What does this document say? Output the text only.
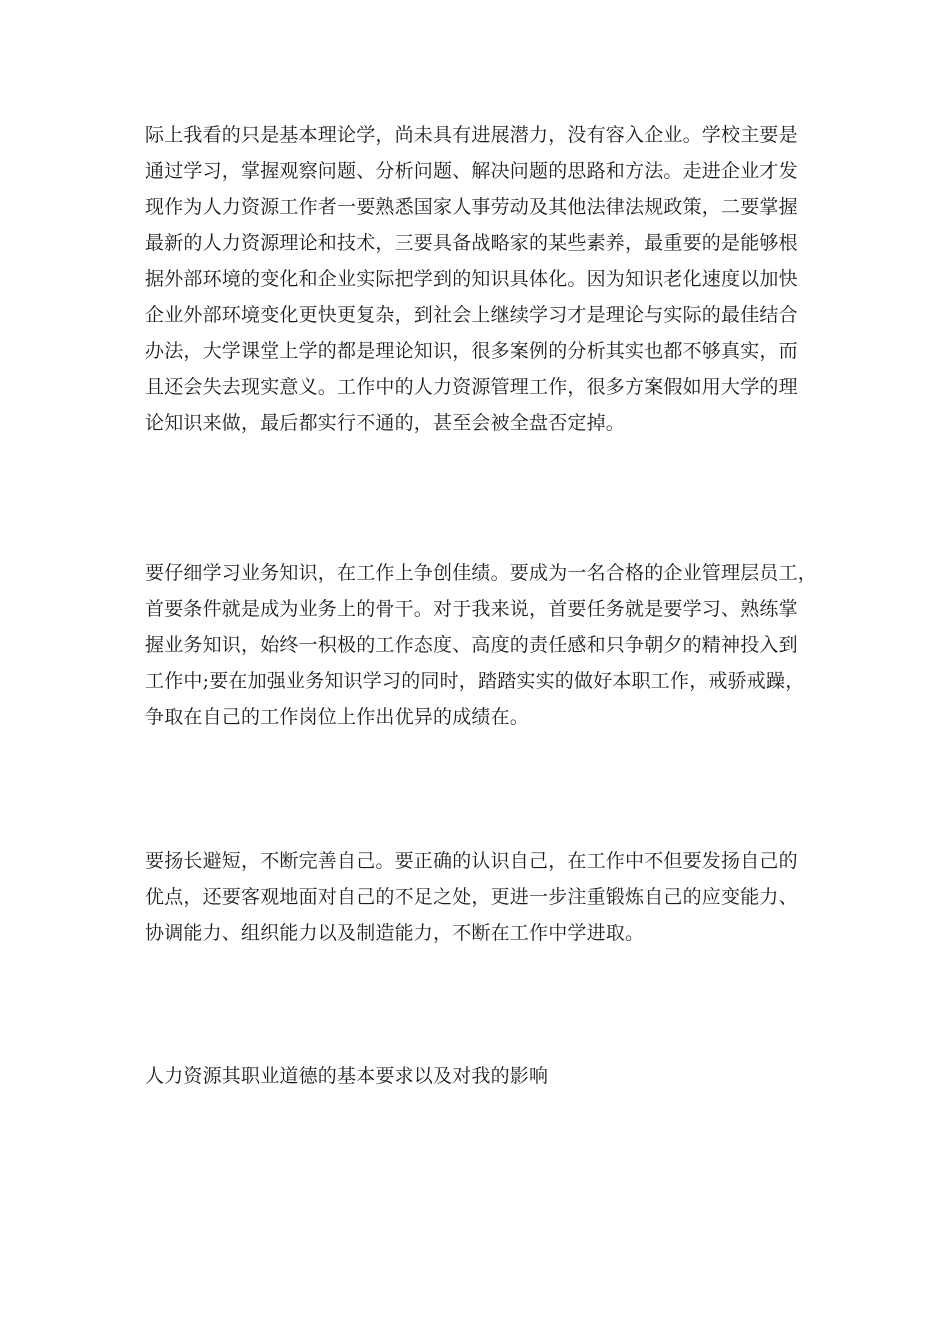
际上我看的只是基本理论学，尚未具有进展潜力，没有容入企业。学校主要是
通过学习，掌握观察问题、分析问题、解决问题的思路和方法。走进企业才发
现作为人力资源工作者一要熟悉国家人事劳动及其他法律法规政策，二要掌握
最新的人力资源理论和技术，三要具备战略家的某些素养，最重要的是能够根
据外部环境的变化和企业实际把学到的知识具体化。因为知识老化速度以加快
企业外部环境变化更快更复杂，到社会上继续学习才是理论与实际的最佳结合
办法，大学课堂上学的都是理论知识，很多案例的分析其实也都不够真实，而
且还会失去现实意义。工作中的人力资源管理工作，很多方案假如用大学的理
论知识来做，最后都实行不通的，甚至会被全盘否定掉。
要仔细学习业务知识，在工作上争创佳绩。要成为一名合格的企业管理层员工，
首要条件就是成为业务上的骨干。对于我来说，首要任务就是要学习、熟练掌
握业务知识，始终一积极的工作态度、高度的责任感和只争朝夕的精神投入到
工作中;要在加强业务知识学习的同时，踏踏实实的做好本职工作，戒骄戒躁，
争取在自己的工作岗位上作出优异的成绩在。
要扬长避短，不断完善自己。要正确的认识自己，在工作中不但要发扬自己的
优点，还要客观地面对自己的不足之处，更进一步注重锻炼自己的应变能力、
协调能力、组织能力以及制造能力，不断在工作中学进取。
人力资源其职业道德的基本要求以及对我的影响
